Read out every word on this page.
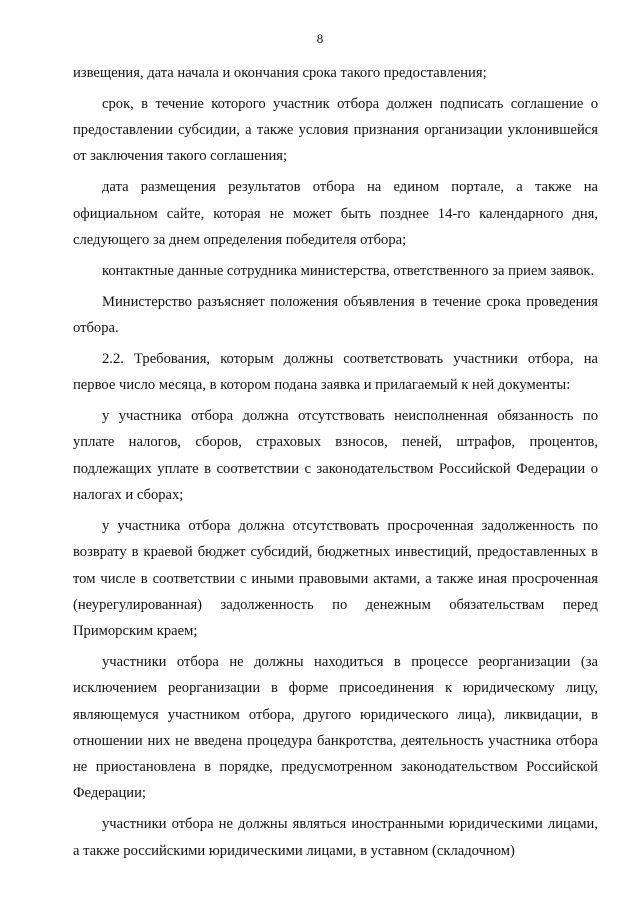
8

извещения, дата начала и окончания срока такого предоставления;

срок, в течение которого участник отбора должен подписать соглашение о предоставлении субсидии, а также условия признания организации уклонившейся от заключения такого соглашения;

дата размещения результатов отбора на едином портале, а также на официальном сайте, которая не может быть позднее 14-го календарного дня, следующего за днем определения победителя отбора;

контактные данные сотрудника министерства, ответственного за прием заявок.

Министерство разъясняет положения объявления в течение срока проведения отбора.

2.2. Требования, которым должны соответствовать участники отбора, на первое число месяца, в котором подана заявка и прилагаемый к ней документы:

у участника отбора должна отсутствовать неисполненная обязанность по уплате налогов, сборов, страховых взносов, пеней, штрафов, процентов, подлежащих уплате в соответствии с законодательством Российской Федерации о налогах и сборах;

у участника отбора должна отсутствовать просроченная задолженность по возврату в краевой бюджет субсидий, бюджетных инвестиций, предоставленных в том числе в соответствии с иными правовыми актами, а также иная просроченная (неурегулированная) задолженность по денежным обязательствам перед Приморским краем;

участники отбора не должны находиться в процессе реорганизации (за исключением реорганизации в форме присоединения к юридическому лицу, являющемуся участником отбора, другого юридического лица), ликвидации, в отношении них не введена процедура банкротства, деятельность участника отбора не приостановлена в порядке, предусмотренном законодательством Российской Федерации;

участники отбора не должны являться иностранными юридическими лицами, а также российскими юридическими лицами, в уставном (складочном)
